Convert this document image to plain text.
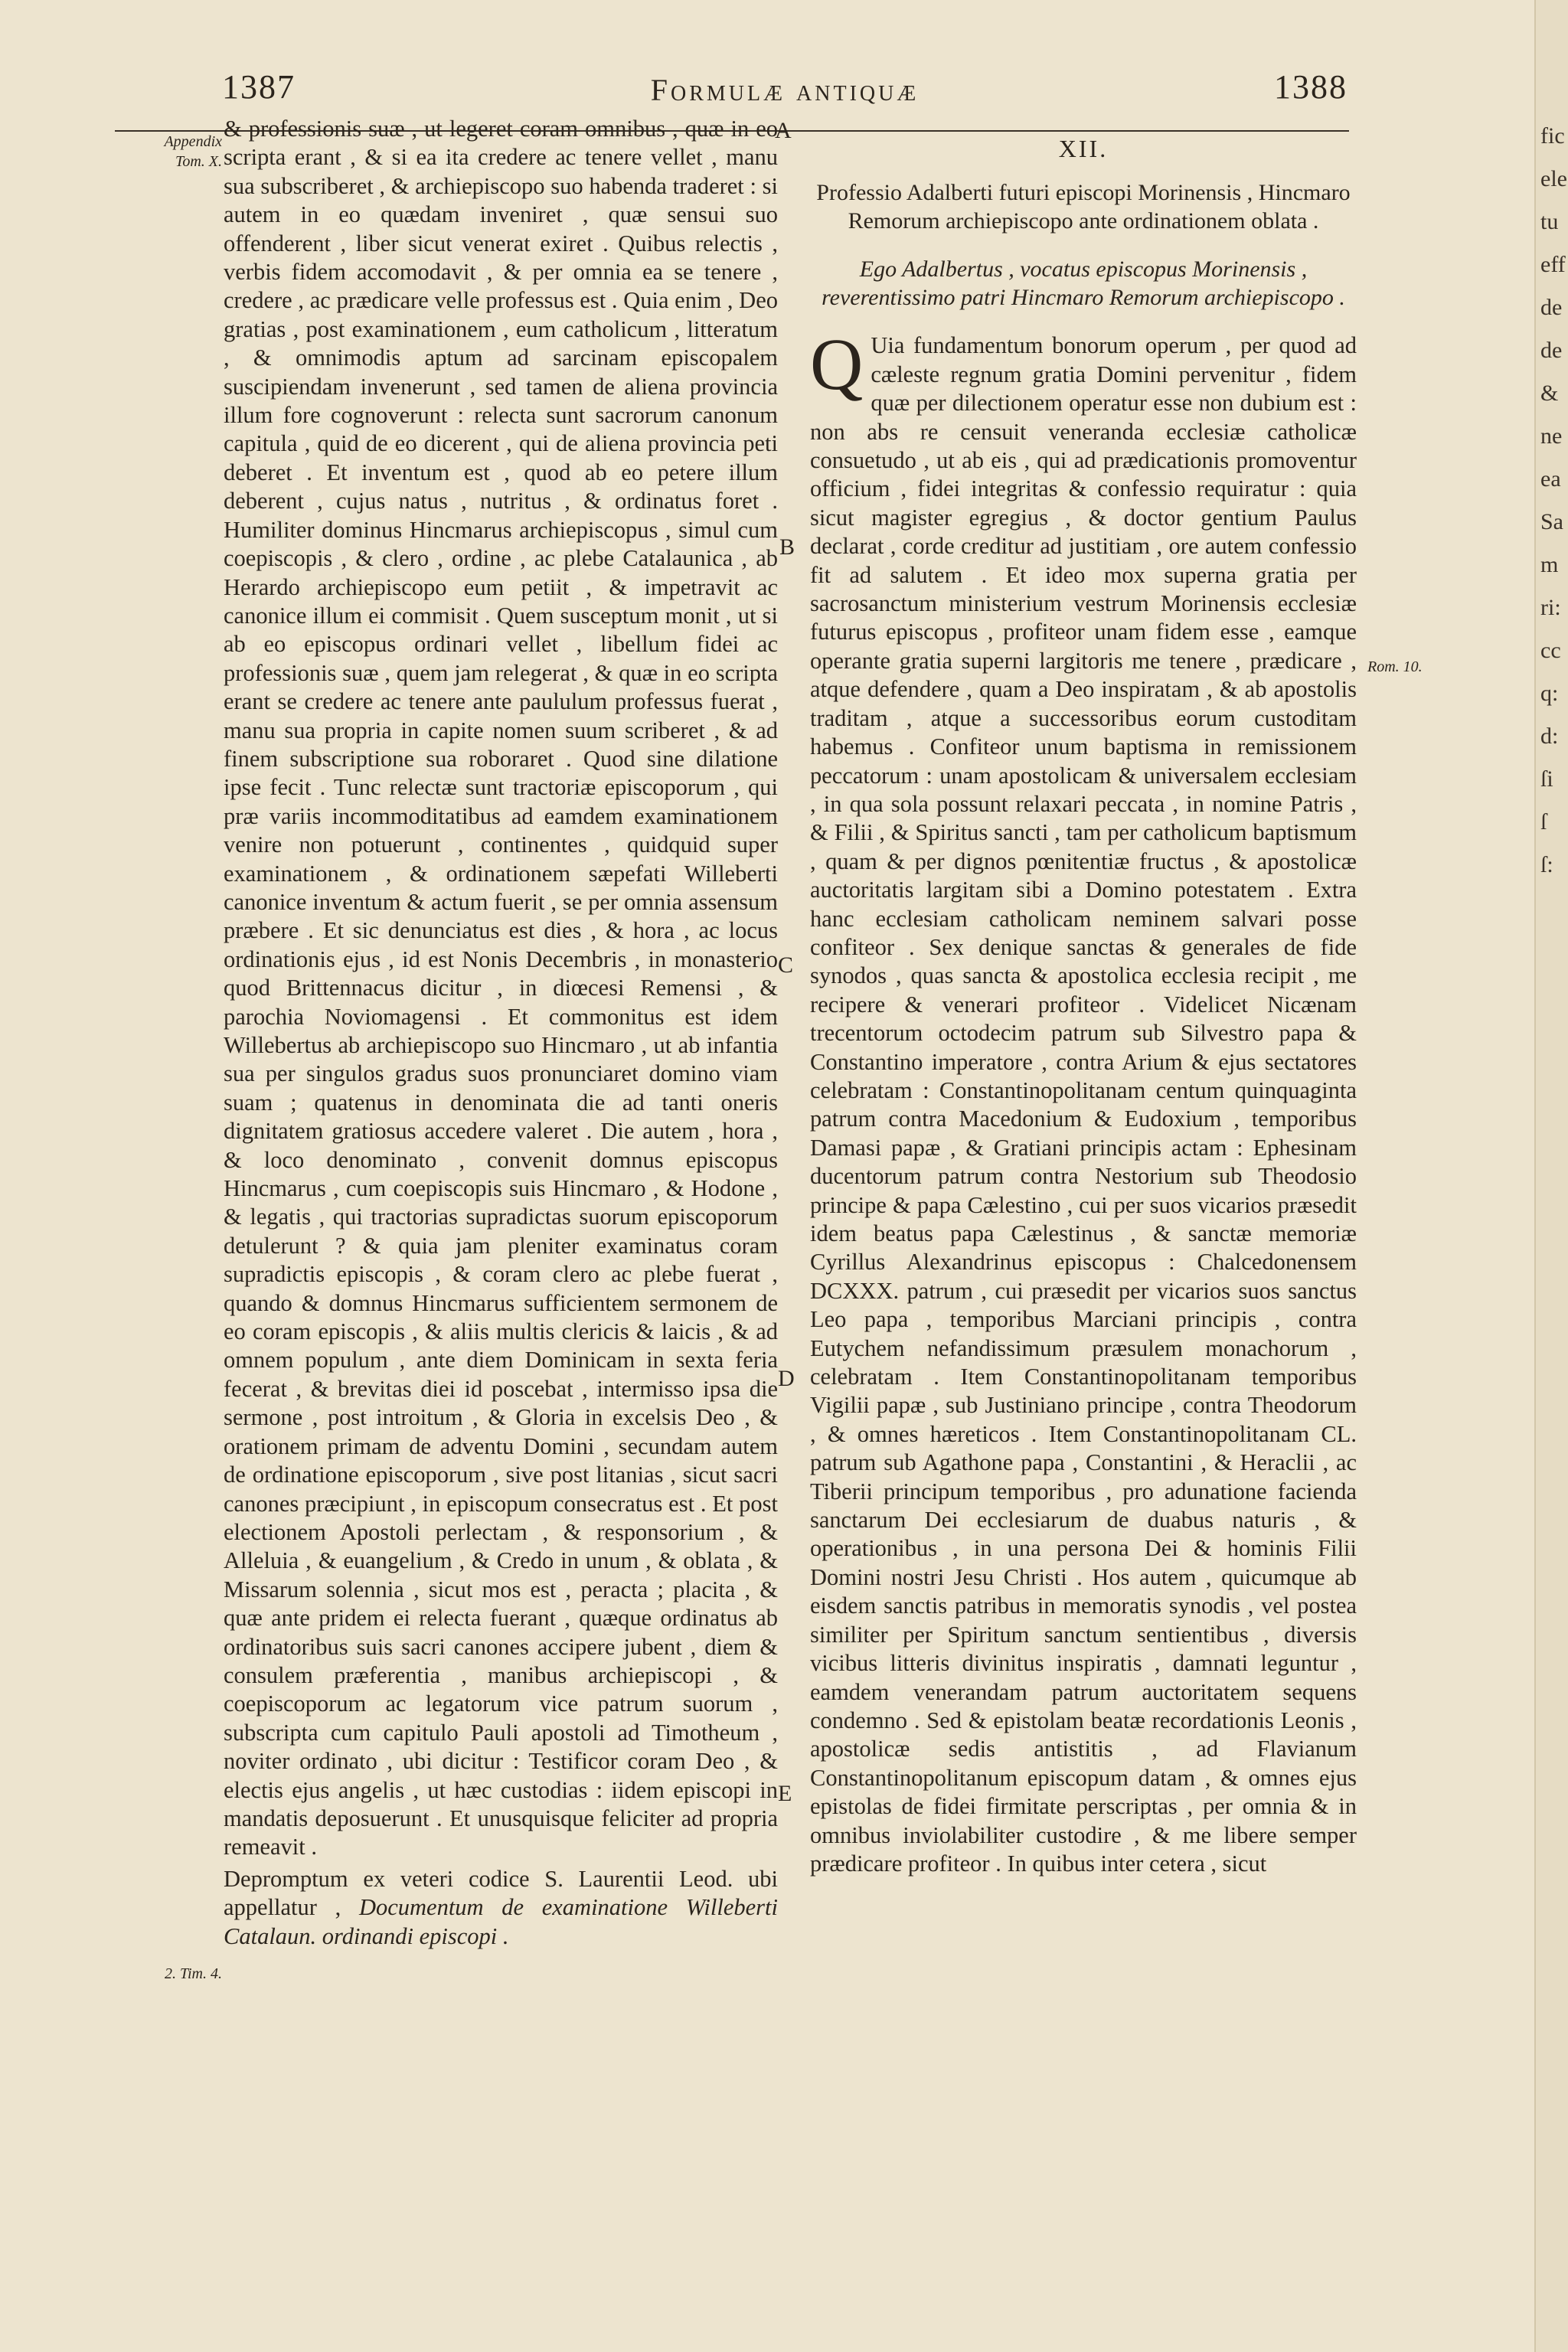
fic
ele
tu
eff
de
de
&
ne
ea
Sa
m
ri:
cc
q:
d:
ſi
ſ
ſ:
1387	Formulæ antiquæ	1388
Appendix
Tom. X.
2. Tim. 4.
A
B
C
D
E
Rom. 10.

& professionis suæ , ut legeret coram omnibus , quæ in eo scripta erant , & si ea ita credere ac tenere vellet , manu sua subscriberet , & archiepiscopo suo habenda traderet : si autem in eo quædam inveniret , quæ sensui suo offenderent , liber sicut venerat exiret . Quibus relectis , verbis fidem accomodavit , & per omnia ea se tenere , credere , ac prædicare velle professus est . Quia enim , Deo gratias , post examinationem , eum catholicum , litteratum , & omnimodis aptum ad sarcinam episcopalem suscipiendam invenerunt , sed tamen de aliena provincia illum fore cognoverunt : relecta sunt sacrorum canonum capitula , quid de eo dicerent , qui de aliena provincia peti deberet . Et inventum est , quod ab eo petere illum deberent , cujus natus , nutritus , & ordinatus foret . Humiliter dominus Hincmarus archiepiscopus , simul cum coepiscopis , & clero , ordine , ac plebe Catalaunica , ab Herardo archiepiscopo eum petiit , & impetravit ac canonice illum ei commisit . Quem susceptum monit , ut si ab eo episcopus ordinari vellet , libellum fidei ac professionis suæ , quem jam relegerat , & quæ in eo scripta erant se credere ac tenere ante paululum professus fuerat , manu sua propria in capite nomen suum scriberet , & ad finem subscriptione sua roboraret . Quod sine dilatione ipse fecit . Tunc relectæ sunt tractoriæ episcoporum , qui præ variis incommoditatibus ad eamdem examinationem venire non potuerunt , continentes , quidquid super examinationem , & ordinationem sæpefati Willeberti canonice inventum & actum fuerit , se per omnia assensum præbere . Et sic denunciatus est dies , & hora , ac locus ordinationis ejus , id est Nonis Decembris , in monasterio quod Brittennacus dicitur , in diœcesi Remensi , & parochia Noviomagensi . Et commonitus est idem Willebertus ab archiepiscopo suo Hincmaro , ut ab infantia sua per singulos gradus suos pronunciaret domino viam suam ; quatenus in denominata die ad tanti oneris dignitatem gratiosus accedere valeret . Die autem , hora , & loco denominato , convenit domnus episcopus Hincmarus , cum coepiscopis suis Hincmaro , & Hodone , & legatis , qui tractorias supradictas suorum episcoporum detulerunt ? & quia jam pleniter examinatus coram supradictis episcopis , & coram clero ac plebe fuerat , quando & domnus Hincmarus sufficientem sermonem de eo coram episcopis , & aliis multis clericis & laicis , & ad omnem populum , ante diem Dominicam in sexta feria fecerat , & brevitas diei id poscebat , intermisso ipsa die sermone , post introitum , & Gloria in excelsis Deo , & orationem primam de adventu Domini , secundam autem de ordinatione episcoporum , sive post litanias , sicut sacri canones præcipiunt , in episcopum consecratus est . Et post electionem Apostoli perlectam , & responsorium , & Alleluia , & euangelium , & Credo in unum , & oblata , & Missarum solennia , sicut mos est , peracta ; placita , & quæ ante pridem ei relecta fuerant , quæque ordinatus ab ordinatoribus suis sacri canones accipere jubent , diem & consulem præferentia , manibus archiepiscopi , & coepiscoporum ac legatorum vice patrum suorum , subscripta cum capitulo Pauli apostoli ad Timotheum , noviter ordinato , ubi dicitur : Testificor coram Deo , & electis ejus angelis , ut hæc custodias : iidem episcopi in mandatis deposuerunt . Et unusquisque feliciter ad propria remeavit .

Depromptum ex veteri codice S. Laurentii Leod. ubi appellatur , Documentum de examinatione Willeberti Catalaun. ordinandi episcopi .

XII.
Professio Adalberti futuri episcopi Morinensis , Hincmaro Remorum archiepiscopo ante ordinationem oblata .
Ego Adalbertus , vocatus episcopus Morinensis , reverentissimo patri Hincmaro Remorum archiepiscopo .

Q Uia fundamentum bonorum operum , per quod ad cæleste regnum gratia Domini pervenitur , fidem quæ per dilectionem operatur esse non dubium est : non abs re censuit veneranda ecclesiæ catholicæ consuetudo , ut ab eis , qui ad prædicationis promoventur officium , fidei integritas & confessio requiratur : quia sicut magister egregius , & doctor gentium Paulus declarat , corde creditur ad justitiam , ore autem confessio fit ad salutem . Et ideo mox superna gratia per sacrosanctum ministerium vestrum Morinensis ecclesiæ futurus episcopus , profiteor unam fidem esse , eamque operante gratia superni largitoris me tenere , prædicare , atque defendere , quam a Deo inspiratam , & ab apostolis traditam , atque a successoribus eorum custoditam habemus . Confiteor unum baptisma in remissionem peccatorum : unam apostolicam & universalem ecclesiam , in qua sola possunt relaxari peccata , in nomine Patris , & Filii , & Spiritus sancti , tam per catholicum baptismum , quam & per dignos pœnitentiæ fructus , & apostolicæ auctoritatis largitam sibi a Domino potestatem . Extra hanc ecclesiam catholicam neminem salvari posse confiteor . Sex denique sanctas & generales de fide synodos , quas sancta & apostolica ecclesia recipit , me recipere & venerari profiteor . Videlicet Nicænam trecentorum octodecim patrum sub Silvestro papa & Constantino imperatore , contra Arium & ejus sectatores celebratam : Constantinopolitanam centum quinquaginta patrum contra Macedonium & Eudoxium , temporibus Damasi papæ , & Gratiani principis actam : Ephesinam ducentorum patrum contra Nestorium sub Theodosio principe & papa Cælestino , cui per suos vicarios præsedit idem beatus papa Cælestinus , & sanctæ memoriæ Cyrillus Alexandrinus episcopus : Chalcedonensem DCXXX. patrum , cui præsedit per vicarios suos sanctus Leo papa , temporibus Marciani principis , contra Eutychem nefandissimum præsulem monachorum , celebratam . Item Constantinopolitanam temporibus Vigilii papæ , sub Justiniano principe , contra Theodorum , & omnes hæreticos . Item Constantinopolitanam CL. patrum sub Agathone papa , Constantini , & Heraclii , ac Tiberii principum temporibus , pro adunatione facienda sanctarum Dei ecclesiarum de duabus naturis , & operationibus , in una persona Dei & hominis Filii Domini nostri Jesu Christi . Hos autem , quicumque ab eisdem sanctis patribus in memoratis synodis , vel postea similiter per Spiritum sanctum sentientibus , diversis vicibus litteris divinitus inspiratis , damnati leguntur , eamdem venerandam patrum auctoritatem sequens condemno . Sed & epistolam beatæ recordationis Leonis , apostolicæ sedis antistitis , ad Flavianum Constantinopolitanum episcopum datam , & omnes ejus epistolas de fidei firmitate perscriptas , per omnia & in omnibus inviolabiliter custodire , & me libere semper prædicare profiteor . In quibus inter cetera , sicut
